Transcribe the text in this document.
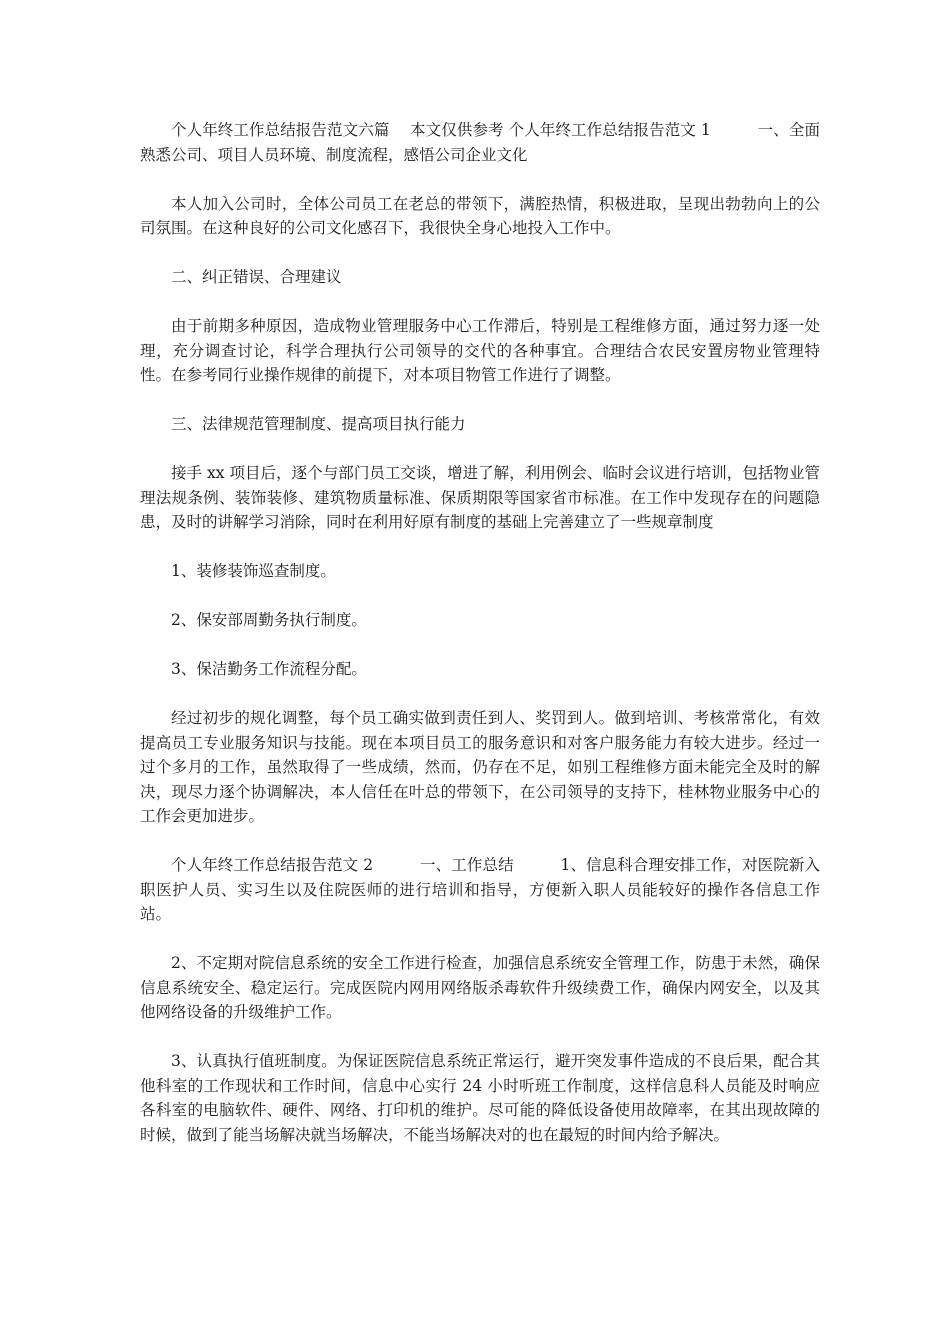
个人年终工作总结报告范文六篇　 本文仅供参考 个人年终工作总结报告范文 1　　　一、全面熟悉公司、项目人员环境、制度流程，感悟公司企业文化

本人加入公司时，全体公司员工在老总的带领下，满腔热情，积极进取，呈现出勃勃向上的公司氛围。在这种良好的公司文化感召下，我很快全身心地投入工作中。

二、纠正错误、合理建议

由于前期多种原因，造成物业管理服务中心工作滞后，特别是工程维修方面，通过努力逐一处理，充分调查讨论，科学合理执行公司领导的交代的各种事宜。合理结合农民安置房物业管理特性。在参考同行业操作规律的前提下，对本项目物管工作进行了调整。

三、法律规范管理制度、提高项目执行能力

接手 xx 项目后，逐个与部门员工交谈，增进了解，利用例会、临时会议进行培训，包括物业管理法规条例、装饰装修、建筑物质量标准、保质期限等国家省市标准。在工作中发现存在的问题隐患，及时的讲解学习消除，同时在利用好原有制度的基础上完善建立了一些规章制度

1、装修装饰巡查制度。

2、保安部周勤务执行制度。

3、保洁勤务工作流程分配。

经过初步的规化调整，每个员工确实做到责任到人、奖罚到人。做到培训、考核常常化，有效提高员工专业服务知识与技能。现在本项目员工的服务意识和对客户服务能力有较大进步。经过一过个多月的工作，虽然取得了一些成绩，然而，仍存在不足，如别工程维修方面未能完全及时的解决，现尽力逐个协调解决，本人信任在叶总的带领下，在公司领导的支持下，桂林物业服务中心的工作会更加进步。

个人年终工作总结报告范文 2　　　一、工作总结　　　1、信息科合理安排工作，对医院新入职医护人员、实习生以及住院医师的进行培训和指导，方便新入职人员能较好的操作各信息工作站。

2、不定期对院信息系统的安全工作进行检查，加强信息系统安全管理工作，防患于未然，确保信息系统安全、稳定运行。完成医院内网用网络版杀毒软件升级续费工作，确保内网安全，以及其他网络设备的升级维护工作。

3、认真执行值班制度。为保证医院信息系统正常运行，避开突发事件造成的不良后果，配合其他科室的工作现状和工作时间，信息中心实行 24 小时听班工作制度，这样信息科人员能及时响应各科室的电脑软件、硬件、网络、打印机的维护。尽可能的降低设备使用故障率，在其出现故障的时候，做到了能当场解决就当场解决，不能当场解决对的也在最短的时间内给予解决。
